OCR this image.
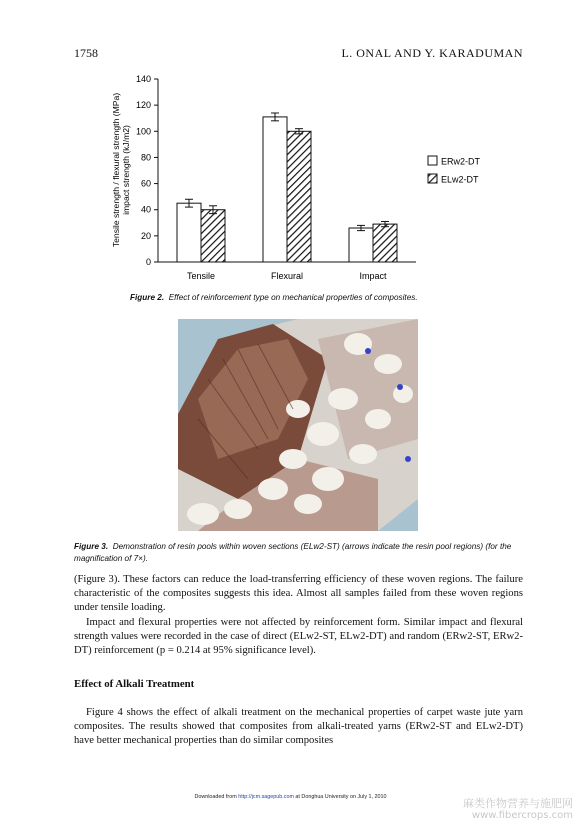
1758	L. ONAL AND Y. KARADUMAN
0
20
40
60
80
100
120
140
Tensile strength / flexural strength (MPa) impact strength (kJ/m2)
Tensile	Flexural	Impact
ERw2-DT
ELw2-DT
Figure 2. Effect of reinforcement type on mechanical properties of composites.
Figure 3. Demonstration of resin pools within woven sections (ELw2-ST) (arrows indicate the resin pool regions) (for the magnification of 7×).

(Figure 3). These factors can reduce the load-transferring efficiency of these woven regions. The failure characteristic of the composites suggests this idea. Almost all samples failed from these woven regions under tensile loading.

Impact and flexural properties were not affected by reinforcement form. Similar impact and flexural strength values were recorded in the case of direct (ELw2-ST, ELw2-DT) and random (ERw2-ST, ERw2-DT) reinforcement (p = 0.214 at 95% significance level).

Effect of Alkali Treatment

Figure 4 shows the effect of alkali treatment on the mechanical properties of carpet waste jute yarn composites. The results showed that composites from alkali-treated yarns (ERw2-ST and ELw2-DT) have better mechanical properties than do similar composites

Downloaded from http://jcm.sagepub.com at Donghua University on July 1, 2010	麻类作物营养与施肥网
www.fibercrops.com
